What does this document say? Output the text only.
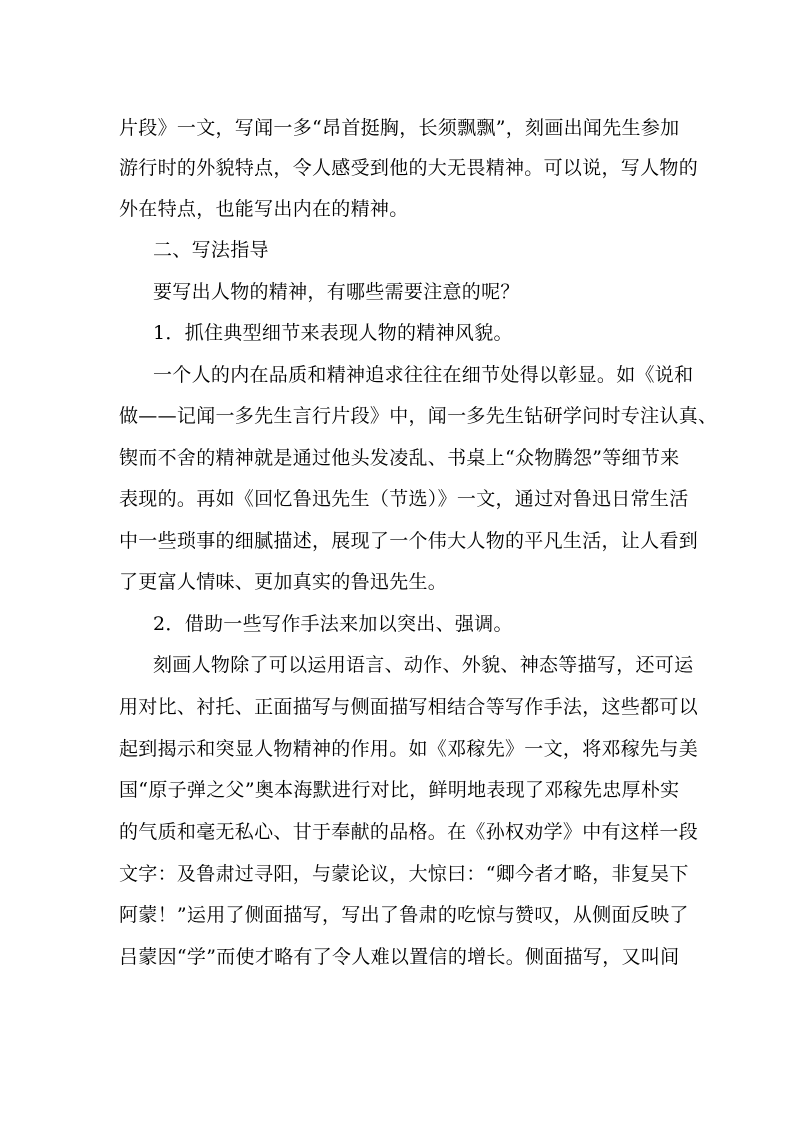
片段》一文，写闻一多“昂首挺胸，长须飘飘”，刻画出闻先生参加
游行时的外貌特点，令人感受到他的大无畏精神。可以说，写人物的
外在特点，也能写出内在的精神。
二、写法指导
要写出人物的精神，有哪些需要注意的呢？
1．抓住典型细节来表现人物的精神风貌。
一个人的内在品质和精神追求往往在细节处得以彰显。如《说和
做——记闻一多先生言行片段》中，闻一多先生钻研学问时专注认真、
锲而不舍的精神就是通过他头发凌乱、书桌上“众物腾怨”等细节来
表现的。再如《回忆鲁迅先生（节选）》一文，通过对鲁迅日常生活
中一些琐事的细腻描述，展现了一个伟大人物的平凡生活，让人看到
了更富人情味、更加真实的鲁迅先生。
2．借助一些写作手法来加以突出、强调。
刻画人物除了可以运用语言、动作、外貌、神态等描写，还可运
用对比、衬托、正面描写与侧面描写相结合等写作手法，这些都可以
起到揭示和突显人物精神的作用。如《邓稼先》一文，将邓稼先与美
国“原子弹之父”奥本海默进行对比，鲜明地表现了邓稼先忠厚朴实
的气质和毫无私心、甘于奉献的品格。在《孙权劝学》中有这样一段
文字：及鲁肃过寻阳，与蒙论议，大惊曰：“卿今者才略，非复吴下
阿蒙！”运用了侧面描写，写出了鲁肃的吃惊与赞叹，从侧面反映了
吕蒙因“学”而使才略有了令人难以置信的增长。侧面描写，又叫间
